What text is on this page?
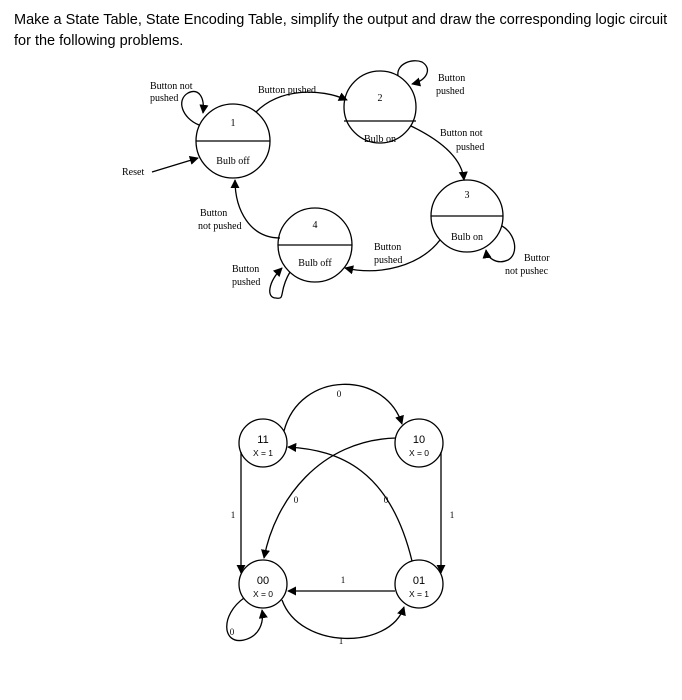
Make a State Table, State Encoding Table, simplify the output and draw the corresponding logic circuit for the following problems.

1
Bulb off
2
Bulb on
3
Bulb on
4
Bulb off
Reset
Button not
pushed
Button pushed
Button
pushed
Button not
pushed
Buttor
not pushec
Button
pushed
Button
not pushed
Button
pushed
11
X = 1
10
X = 0
00
X = 0
01
X = 1
0
1
0
1
0
1
0
1
